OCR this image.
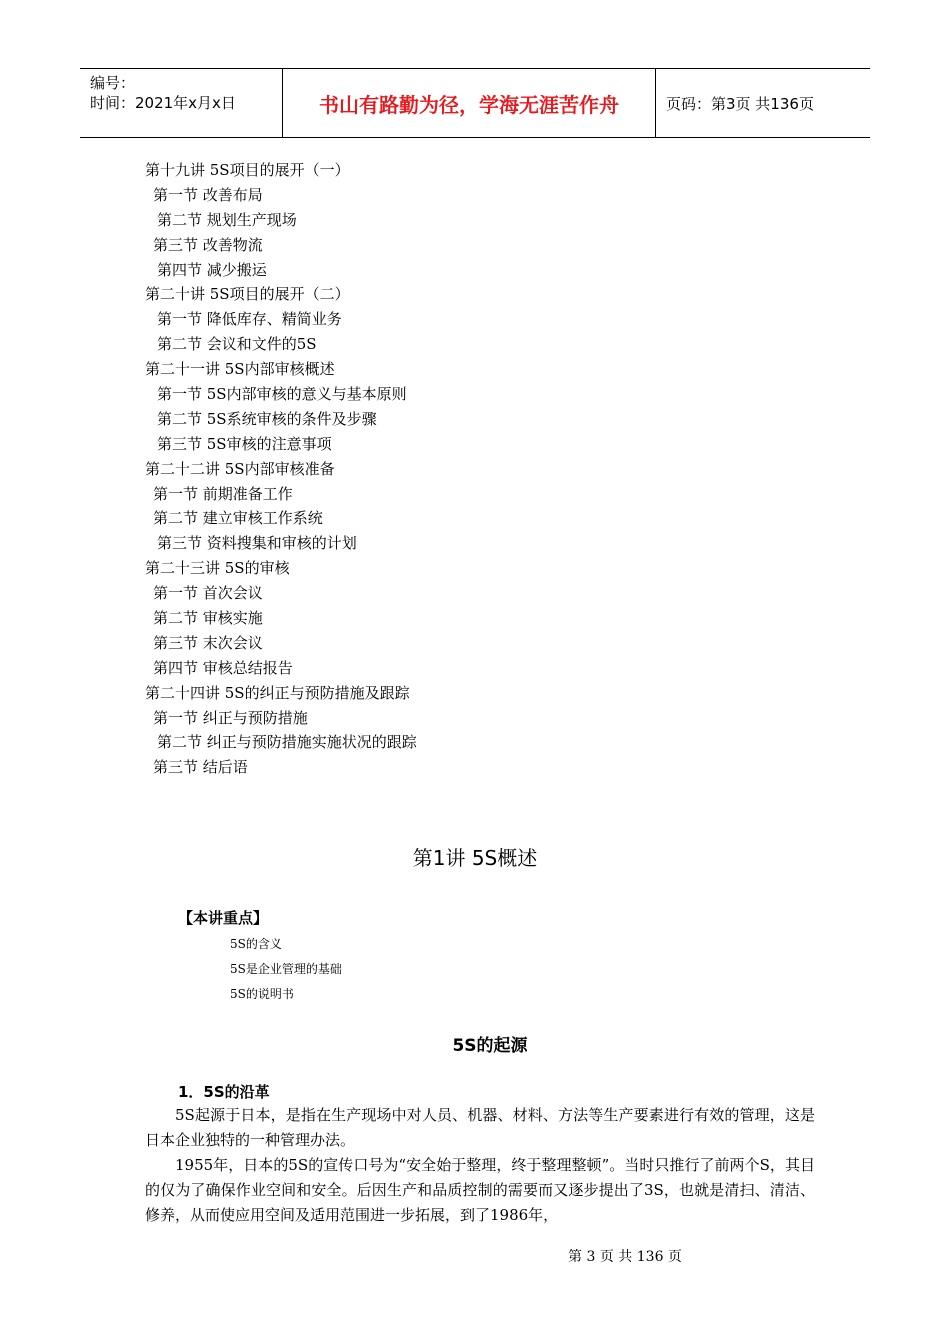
编号：
时间：2021年x月x日	书山有路勤为径，学海无涯苦作舟	页码：第3页 共136页
第十九讲 5S项目的展开（一）
第一节 改善布局
第二节 规划生产现场
第三节 改善物流
第四节 减少搬运
第二十讲 5S项目的展开（二）
第一节 降低库存、精简业务
第二节 会议和文件的5S
第二十一讲 5S内部审核概述
第一节 5S内部审核的意义与基本原则
第二节 5S系统审核的条件及步骤
第三节 5S审核的注意事项
第二十二讲 5S内部审核准备
第一节 前期准备工作
第二节 建立审核工作系统
第三节 资料搜集和审核的计划
第二十三讲 5S的审核
第一节 首次会议
第二节 审核实施
第三节 末次会议
第四节 审核总结报告
第二十四讲 5S的纠正与预防措施及跟踪
第一节 纠正与预防措施
第二节 纠正与预防措施实施状况的跟踪
第三节 结后语
第1讲 5S概述
【本讲重点】
5S的含义
5S是企业管理的基础
5S的说明书
5S的起源
1．5S的沿革

5S起源于日本，是指在生产现场中对人员、机器、材料、方法等生产要素进行有效的管理，这是日本企业独特的一种管理办法。

1955年，日本的5S的宣传口号为“安全始于整理，终于整理整顿”。当时只推行了前两个S，其目的仅为了确保作业空间和安全。后因生产和品质控制的需要而又逐步提出了3S，也就是清扫、清洁、修养，从而使应用空间及适用范围进一步拓展，到了1986年，

第 3 页 共 136 页
